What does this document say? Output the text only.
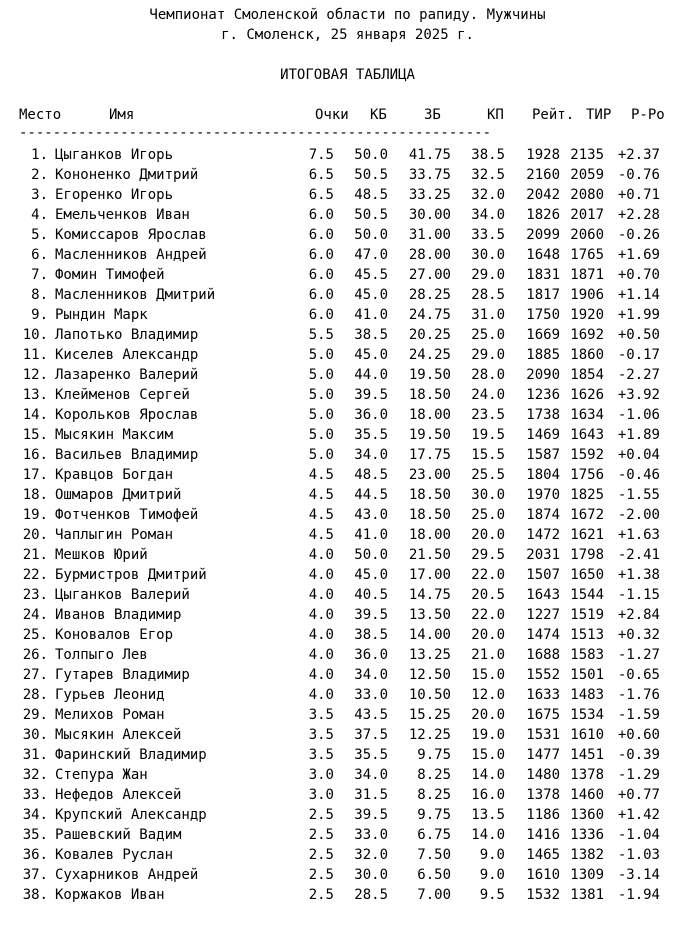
Чемпионат Смоленской области по рапиду. Мужчины
г. Смоленск, 25 января 2025 г.
ИТОГОВАЯ ТАБЛИЦА
Место	Имя	Очки КБ	ЗБ	КП Рейт. ТИР Р-Ро
--------------------------------------------------------
1. Цыганков Игорь	7.5 50.0 41.75 38.5 1928 2135 +2.37
2. Кононенко Дмитрий	6.5 50.5 33.75 32.5 2160 2059 -0.76
3. Егоренко Игорь	6.5 48.5 33.25 32.0 2042 2080 +0.71
4. Емельченков Иван	6.0 50.5 30.00 34.0 1826 2017 +2.28
5. Комиссаров Ярослав	6.0 50.0 31.00 33.5 2099 2060 -0.26
6. Масленников Андрей	6.0 47.0 28.00 30.0 1648 1765 +1.69
7. Фомин Тимофей	6.0 45.5 27.00 29.0 1831 1871 +0.70
8. Масленников Дмитрий	6.0 45.0 28.25 28.5 1817 1906 +1.14
9. Рындин Марк	6.0 41.0 24.75 31.0 1750 1920 +1.99
10. Лапотько Владимир	5.5 38.5 20.25 25.0 1669 1692 +0.50
11. Киселев Александр	5.0 45.0 24.25 29.0 1885 1860 -0.17
12. Лазаренко Валерий	5.0 44.0 19.50 28.0 2090 1854 -2.27
13. Клейменов Сергей	5.0 39.5 18.50 24.0 1236 1626 +3.92
14. Корольков Ярослав	5.0 36.0 18.00 23.5 1738 1634 -1.06
15. Мысякин Максим	5.0 35.5 19.50 19.5 1469 1643 +1.89
16. Васильев Владимир	5.0 34.0 17.75 15.5 1587 1592 +0.04
17. Кравцов Богдан	4.5 48.5 23.00 25.5 1804 1756 -0.46
18. Ошмаров Дмитрий	4.5 44.5 18.50 30.0 1970 1825 -1.55
19. Фотченков Тимофей	4.5 43.0 18.50 25.0 1874 1672 -2.00
20. Чаплыгин Роман	4.5 41.0 18.00 20.0 1472 1621 +1.63
21. Мешков Юрий	4.0 50.0 21.50 29.5 2031 1798 -2.41
22. Бурмистров Дмитрий	4.0 45.0 17.00 22.0 1507 1650 +1.38
23. Цыганков Валерий	4.0 40.5 14.75 20.5 1643 1544 -1.15
24. Иванов Владимир	4.0 39.5 13.50 22.0 1227 1519 +2.84
25. Коновалов Егор	4.0 38.5 14.00 20.0 1474 1513 +0.32
26. Толпыго Лев	4.0 36.0 13.25 21.0 1688 1583 -1.27
27. Гутарев Владимир	4.0 34.0 12.50 15.0 1552 1501 -0.65
28. Гурьев Леонид	4.0 33.0 10.50 12.0 1633 1483 -1.76
29. Мелихов Роман	3.5 43.5 15.25 20.0 1675 1534 -1.59
30. Мысякин Алексей	3.5 37.5 12.25 19.0 1531 1610 +0.60
31. Фаринский Владимир	3.5 35.5 9.75 15.0 1477 1451 -0.39
32. Степура Жан	3.0 34.0 8.25 14.0 1480 1378 -1.29
33. Нефедов Алексей	3.0 31.5 8.25 16.0 1378 1460 +0.77
34. Крупский Александр	2.5 39.5 9.75 13.5 1186 1360 +1.42
35. Рашевский Вадим	2.5 33.0 6.75 14.0 1416 1336 -1.04
36. Ковалев Руслан	2.5 32.0 7.50 9.0 1465 1382 -1.03
37. Сухарников Андрей	2.5 30.0 6.50 9.0 1610 1309 -3.14
38. Коржаков Иван	2.5 28.5 7.00 9.5 1532 1381 -1.94
